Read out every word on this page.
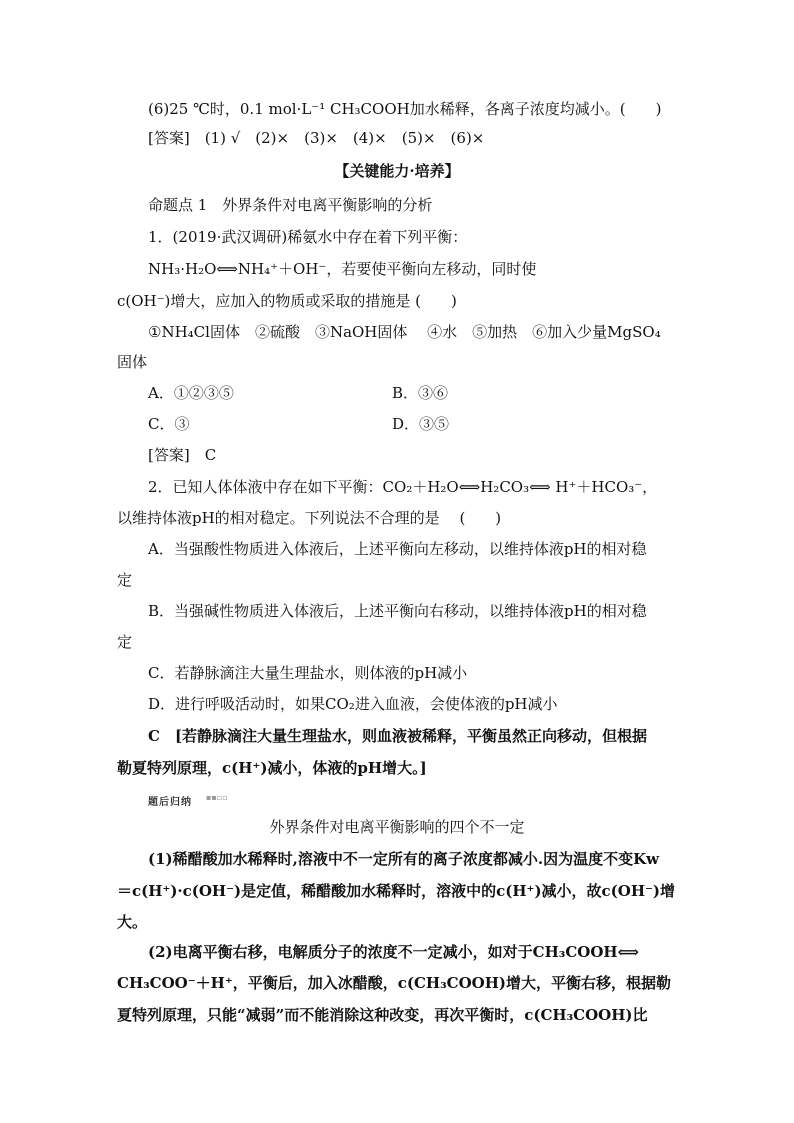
(6)25 ℃时，0.1 mol·L⁻¹ CH₃COOH加水稀释，各离子浓度均减小。(　　)
[答案]　(1) √　(2)×　(3)×　(4)×　(5)×　(6)×
【关键能力·培养】
命题点 1　外界条件对电离平衡影响的分析
1．(2019·武汉调研)稀氨水中存在着下列平衡：
NH₃·H₂O⟺NH₄⁺＋OH⁻，若要使平衡向左移动，同时使
c(OH⁻)增大，应加入的物质或采取的措施是 (　　)
①NH₄Cl固体　②硫酸　③NaOH固体　 ④水　⑤加热　⑥加入少量MgSO₄
固体
A．①②③⑤	B．③⑥
C．③	D．③⑤
[答案]　C
2．已知人体体液中存在如下平衡：CO₂＋H₂O⟺H₂CO₃⟺ H⁺＋HCO₃⁻，
以维持体液pH的相对稳定。下列说法不合理的是　 (　　)
A．当强酸性物质进入体液后，上述平衡向左移动，以维持体液pH的相对稳
定
B．当强碱性物质进入体液后，上述平衡向右移动，以维持体液pH的相对稳
定
C．若静脉滴注大量生理盐水，则体液的pH减小
D．进行呼吸活动时，如果CO₂进入血液，会使体液的pH减小
C　[若静脉滴注大量生理盐水，则血液被稀释，平衡虽然正向移动，但根据
勒夏特列原理，c(H⁺)减小，体液的pH增大。]
题后归纳 ▪▪▫▫
外界条件对电离平衡影响的四个不一定
(1)稀醋酸加水稀释时,溶液中不一定所有的离子浓度都减小.因为温度不变Kw
＝c(H⁺)·c(OH⁻)是定值，稀醋酸加水稀释时，溶液中的c(H⁺)减小，故c(OH⁻)增
大。
(2)电离平衡右移，电解质分子的浓度不一定减小，如对于CH₃COOH⟺
CH₃COO⁻＋H⁺，平衡后，加入冰醋酸，c(CH₃COOH)增大，平衡右移，根据勒
夏特列原理，只能“减弱”而不能消除这种改变，再次平衡时，c(CH₃COOH)比
